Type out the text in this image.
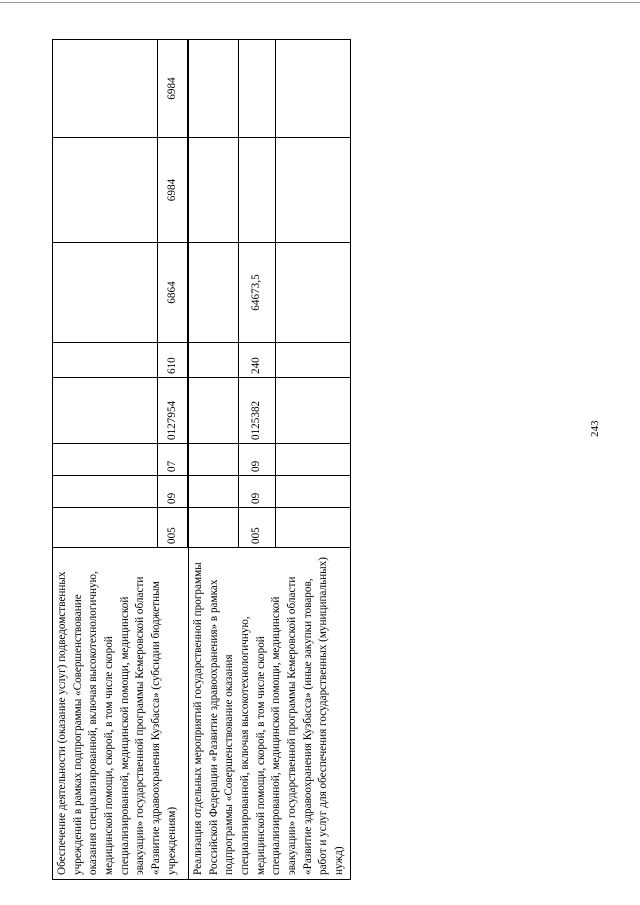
243
Обеспечение деятельности (оказание услуг) подведомственных учреждений в рамках подпрограммы «Совершенствование оказания специализированной, включая высокотехнологичную, медицинской помощи, скорой, в том числе скорой специализированной, медицинской помощи, медицинской эвакуации» государственной программы Кемеровской области «Развитие здравоохранения Кузбасса» (субсидии бюджетным учреждениям)								
	005	09	07	0127954	610	6864	6984	6984

Реализация отдельных мероприятий государственной программы Российской Федерации «Развитие здравоохранения» в рамках подпрограммы «Совершенствование оказания специализированной, включая высокотехнологичную, медицинской помощи, скорой, в том числе скорой специализированной, медицинской помощи, медицинской эвакуации» государственной программы Кемеровской области «Развитие здравоохранения Кузбасса» (иные закупки товаров, работ и услуг для обеспечения государственных (муниципальных) нужд)								
	005	09	09	0125382	240	64673,5		
